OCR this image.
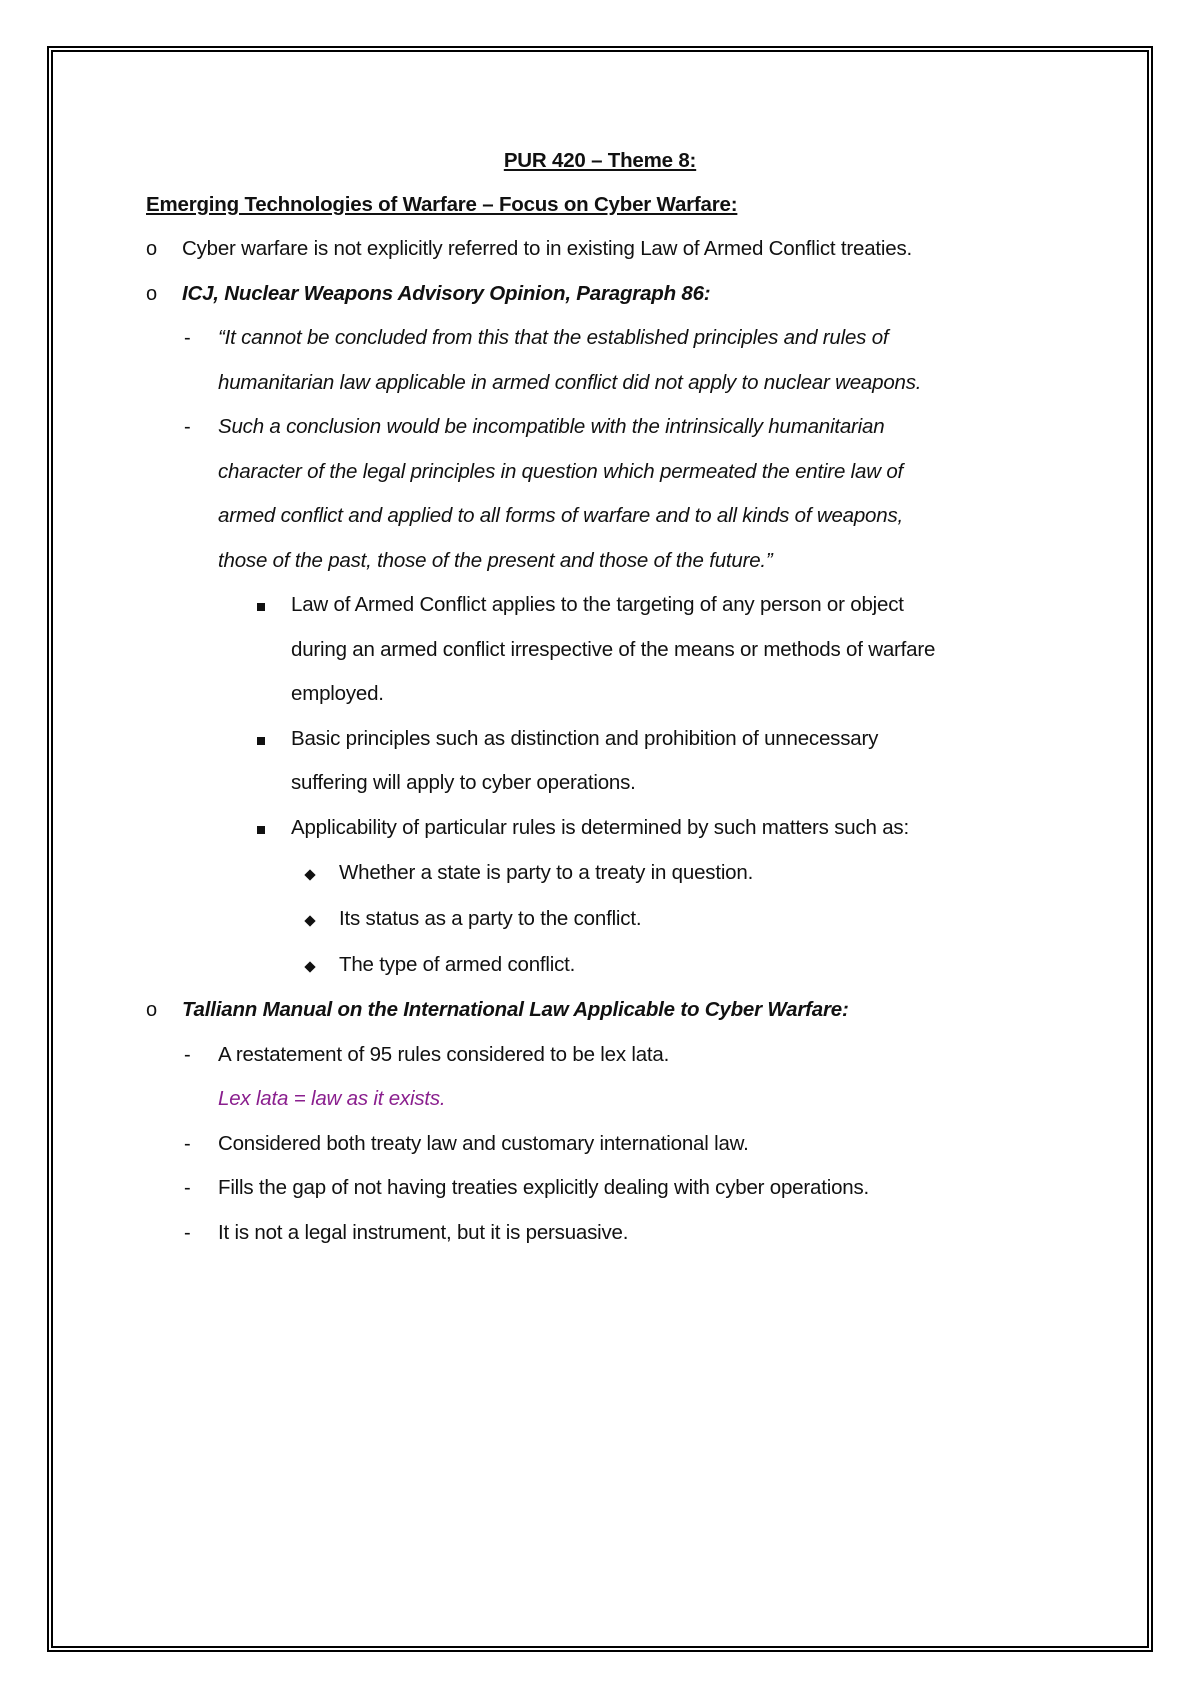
PUR 420 – Theme 8:
Emerging Technologies of Warfare – Focus on Cyber Warfare:
o Cyber warfare is not explicitly referred to in existing Law of Armed Conflict treaties.
o ICJ, Nuclear Weapons Advisory Opinion, Paragraph 86:
- “It cannot be concluded from this that the established principles and rules of
humanitarian law applicable in armed conflict did not apply to nuclear weapons.
- Such a conclusion would be incompatible with the intrinsically humanitarian
character of the legal principles in question which permeated the entire law of
armed conflict and applied to all forms of warfare and to all kinds of weapons,
those of the past, those of the present and those of the future.”
Law of Armed Conflict applies to the targeting of any person or object
during an armed conflict irrespective of the means or methods of warfare
employed.
Basic principles such as distinction and prohibition of unnecessary
suffering will apply to cyber operations.
Applicability of particular rules is determined by such matters such as:
Whether a state is party to a treaty in question.
Its status as a party to the conflict.
The type of armed conflict.
o Talliann Manual on the International Law Applicable to Cyber Warfare:
- A restatement of 95 rules considered to be lex lata.
Lex lata = law as it exists.
- Considered both treaty law and customary international law.
- Fills the gap of not having treaties explicitly dealing with cyber operations.
- It is not a legal instrument, but it is persuasive.
